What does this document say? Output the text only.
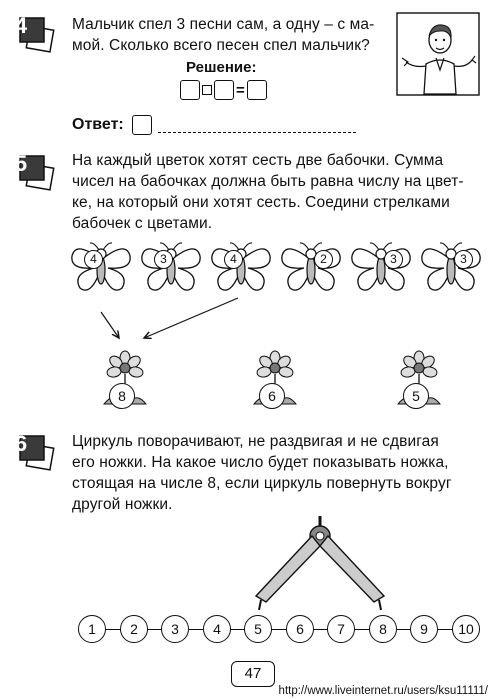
4	Мальчик спел 3 песни сам, а одну – с ма-
мой. Сколько всего песен спел мальчик?
Решение:
=
Ответ:
5	На каждый цветок хотят сесть две бабочки. Сумма
чисел на бабочках должна быть равна числу на цвет-
ке, на который они хотят сесть. Соедини стрелками
бабочек с цветами.
4	3	4	2	3	3
8	6	5
6	Циркуль поворачивают, не раздвигая и не сдвигая
его ножки. На какое число будет показывать ножка,
стоящая на числе 8, если циркуль повернуть вокруг
другой ножки.
1	2	3	4	5	6	7	8	9	10
47
http://www.liveinternet.ru/users/ksu11111/
